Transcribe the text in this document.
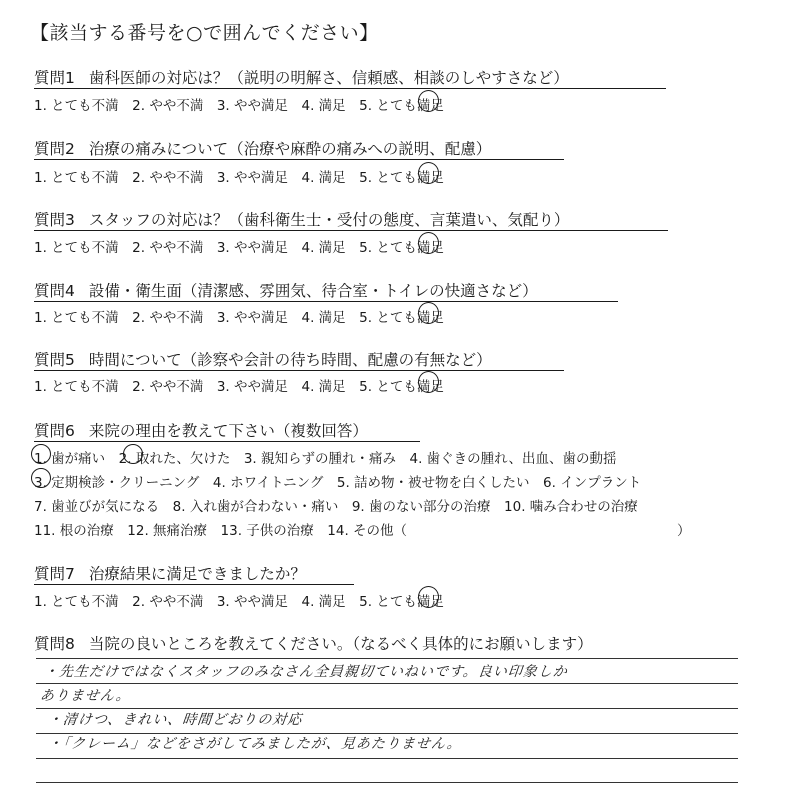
【該当する番号を○で囲んでください】
質問1 歯科医師の対応は？（説明の明解さ、信頼感、相談のしやすさなど）
1. とても不満　2. やや不満　3. やや満足　4. 満足　5. とても満足
質問2 治療の痛みについて（治療や麻酔の痛みへの説明、配慮）
1. とても不満　2. やや不満　3. やや満足　4. 満足　5. とても満足
質問3 スタッフの対応は？（歯科衛生士・受付の態度、言葉遣い、気配り）
1. とても不満　2. やや不満　3. やや満足　4. 満足　5. とても満足
質問4 設備・衛生面（清潔感、雰囲気、待合室・トイレの快適さなど）
1. とても不満　2. やや不満　3. やや満足　4. 満足　5. とても満足
質問5 時間について（診察や会計の待ち時間、配慮の有無など）
1. とても不満　2. やや不満　3. やや満足　4. 満足　5. とても満足
質問6 来院の理由を教えて下さい（複数回答）
1. 歯が痛い　2. 取れた、欠けた　3. 親知らずの腫れ・痛み　4. 歯ぐきの腫れ、出血、歯の動揺
3. 定期検診・クリーニング　4. ホワイトニング　5. 詰め物・被せ物を白くしたい　6. インプラント
7. 歯並びが気になる　8. 入れ歯が合わない・痛い　9. 歯のない部分の治療　10. 噛み合わせの治療
11. 根の治療　12. 無痛治療　13. 子供の治療　14. その他（　　　　　　　　　　　　　　　　　　　　）
質問7 治療結果に満足できましたか？
1. とても不満　2. やや不満　3. やや満足　4. 満足　5. とても満足
質問8 当院の良いところを教えてください。（なるべく具体的にお願いします）
・先生だけではなくスタッフのみなさん全員親切ていねいです。良い印象しか
ありません。
・清けつ、きれい、時間どおりの対応
・「クレーム」などをさがしてみましたが、見あたりません。
